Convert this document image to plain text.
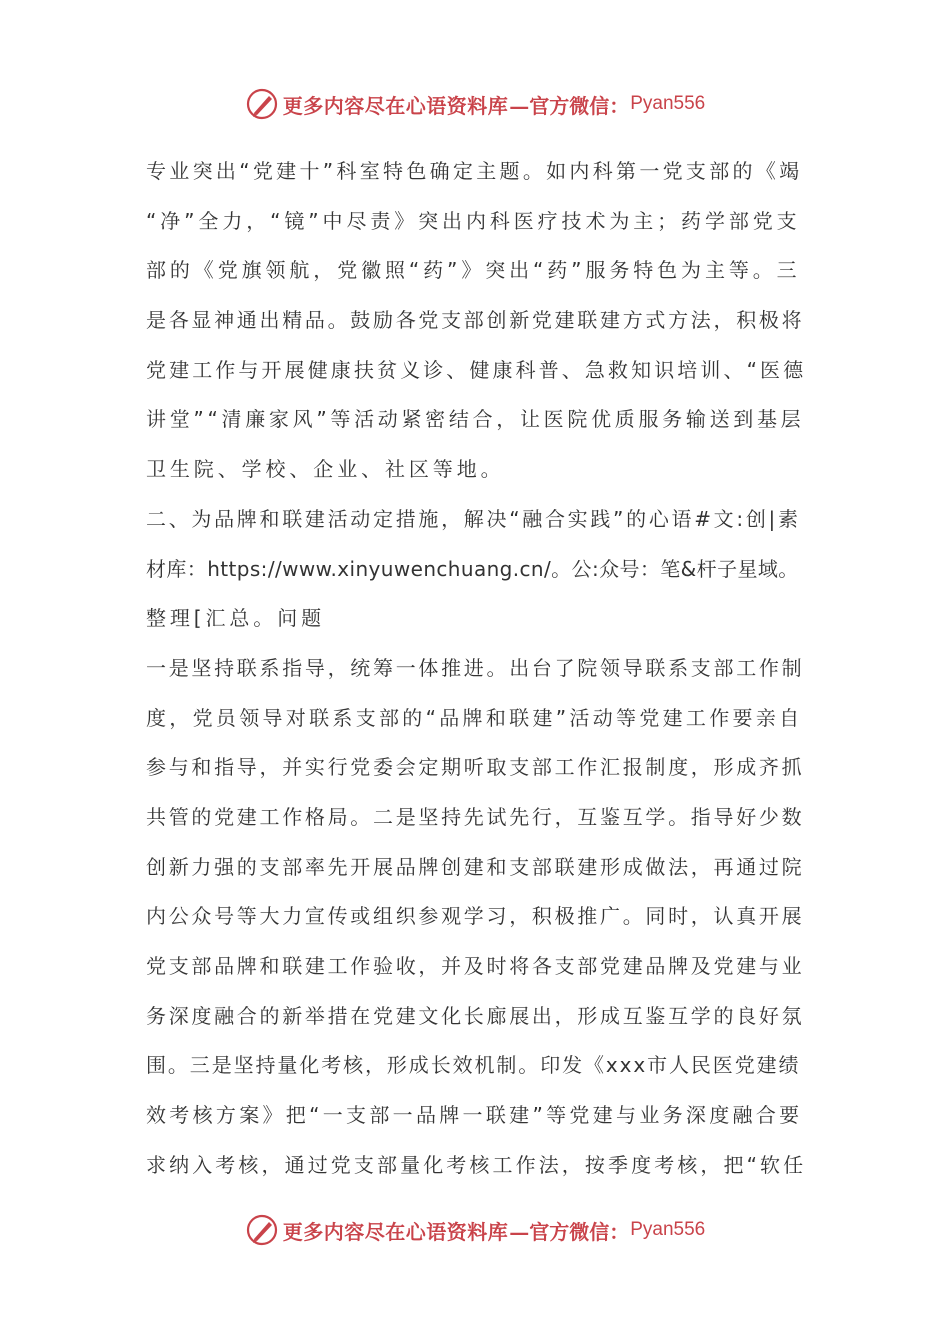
更多内容尽在心语资料库 —官方微信： Pyan556
专业突出“党建十”科室特色确定主题。如内科第一党支部的《竭
“净”全力，“镜”中尽责》突出内科医疗技术为主；药学部党支
部的《党旗领航，党徽照“药”》突出“药”服务特色为主等。三
是各显神通出精品。鼓励各党支部创新党建联建方式方法，积极将
党建工作与开展健康扶贫义诊、健康科普、急救知识培训、“医德
讲堂”“清廉家风”等活动紧密结合，让医院优质服务输送到基层
卫生院、学校、企业、社区等地。
二、为品牌和联建活动定措施，解决“融合实践”的心语#文:创|素
材库：https://www.xinyuwenchuang.cn/。公:众号：笔&杆子星域。
整理[汇总。问题
一是坚持联系指导，统筹一体推进。出台了院领导联系支部工作制
度，党员领导对联系支部的“品牌和联建”活动等党建工作要亲自
参与和指导，并实行党委会定期听取支部工作汇报制度，形成齐抓
共管的党建工作格局。二是坚持先试先行，互鉴互学。指导好少数
创新力强的支部率先开展品牌创建和支部联建形成做法，再通过院
内公众号等大力宣传或组织参观学习，积极推广。同时，认真开展
党支部品牌和联建工作验收，并及时将各支部党建品牌及党建与业
务深度融合的新举措在党建文化长廊展出，形成互鉴互学的良好氛
围。三是坚持量化考核，形成长效机制。印发《xxx市人民医党建绩
效考核方案》把“一支部一品牌一联建”等党建与业务深度融合要
求纳入考核，通过党支部量化考核工作法，按季度考核，把“软任
更多内容尽在心语资料库 —官方微信： Pyan556
